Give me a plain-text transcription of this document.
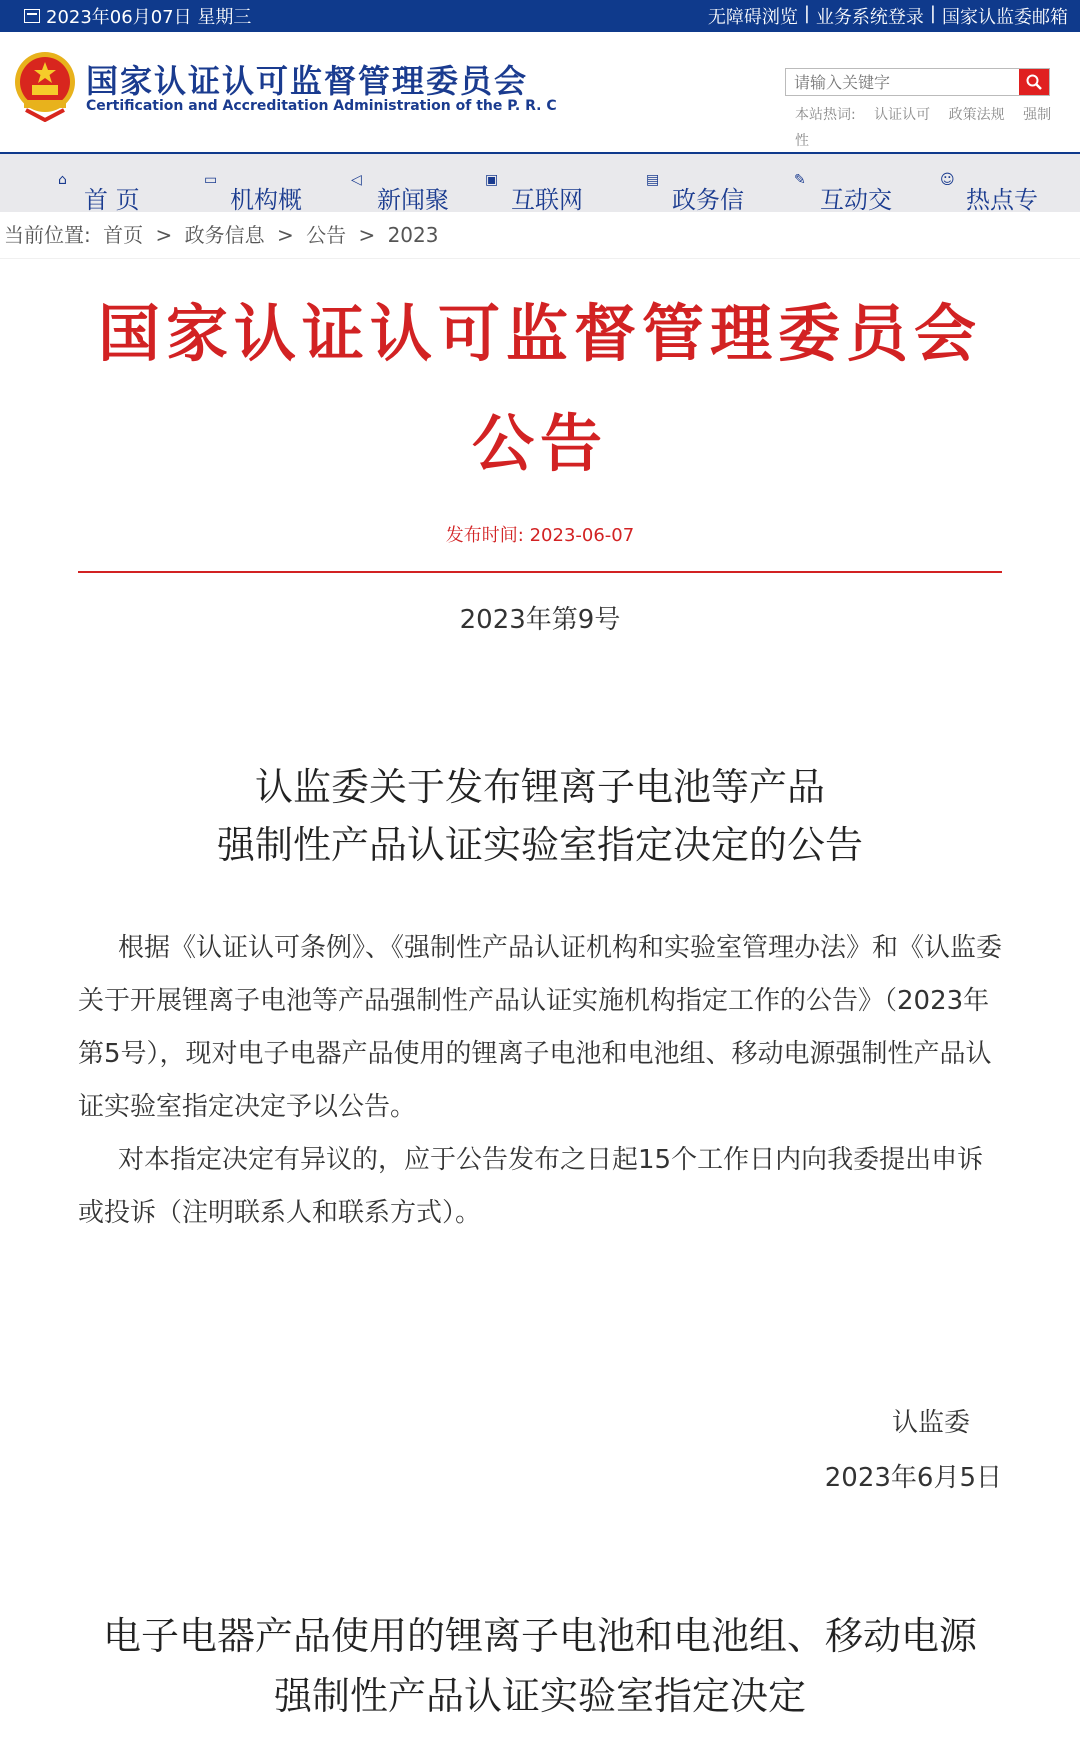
2023年06月07日 星期三	无障碍浏览 | 业务系统登录 | 国家认监委邮箱
国家认证认可监督管理委员会
Certification and Accreditation Administration of the P. R. C
请输入关键字
本站热词: 认证认可 政策法规 强制性
⌂
首 页
▭
机构概
◁
新闻聚
▣
互联网
▤
政务信
✎
互动交
☺
热点专
当前位置: 首页 > 政务信息 > 公告 > 2023
国家认证认可监督管理委员会公告
发布时间: 2023-06-07
2023年第9号
认监委关于发布锂离子电池等产品
强制性产品认证实验室指定决定的公告

根据《认证认可条例》、《强制性产品认证机构和实验室管理办法》和《认监委关于开展锂离子电池等产品强制性产品认证实施机构指定工作的公告》（2023年第5号），现对电子电器产品使用的锂离子电池和电池组、移动电源强制性产品认证实验室指定决定予以公告。

对本指定决定有异议的，应于公告发布之日起15个工作日内向我委提出申诉或投诉（注明联系人和联系方式）。

认监委
2023年6月5日
电子电器产品使用的锂离子电池和电池组、移动电源
强制性产品认证实验室指定决定
